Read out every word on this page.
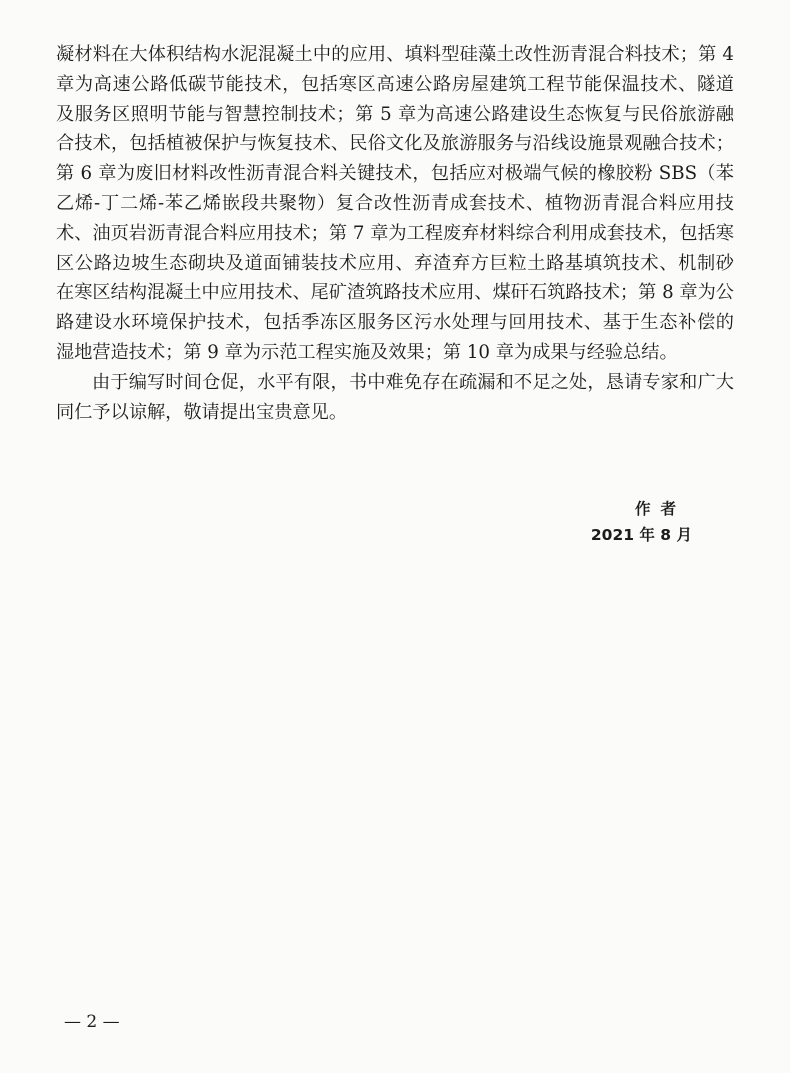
凝材料在大体积结构水泥混凝土中的应用、填料型硅藻土改性沥青混合料技术；第 4
章为高速公路低碳节能技术，包括寒区高速公路房屋建筑工程节能保温技术、隧道
及服务区照明节能与智慧控制技术；第 5 章为高速公路建设生态恢复与民俗旅游融
合技术，包括植被保护与恢复技术、民俗文化及旅游服务与沿线设施景观融合技术；
第 6 章为废旧材料改性沥青混合料关键技术，包括应对极端气候的橡胶粉 SBS（苯
乙烯-丁二烯-苯乙烯嵌段共聚物）复合改性沥青成套技术、植物沥青混合料应用技
术、油页岩沥青混合料应用技术；第 7 章为工程废弃材料综合利用成套技术，包括寒
区公路边坡生态砌块及道面铺装技术应用、弃渣弃方巨粒土路基填筑技术、机制砂
在寒区结构混凝土中应用技术、尾矿渣筑路技术应用、煤矸石筑路技术；第 8 章为公
路建设水环境保护技术，包括季冻区服务区污水处理与回用技术、基于生态补偿的
湿地营造技术；第 9 章为示范工程实施及效果；第 10 章为成果与经验总结。
由于编写时间仓促，水平有限，书中难免存在疏漏和不足之处，恳请专家和广大
同仁予以谅解，敬请提出宝贵意见。
作者
2021 年 8 月
— 2 —
